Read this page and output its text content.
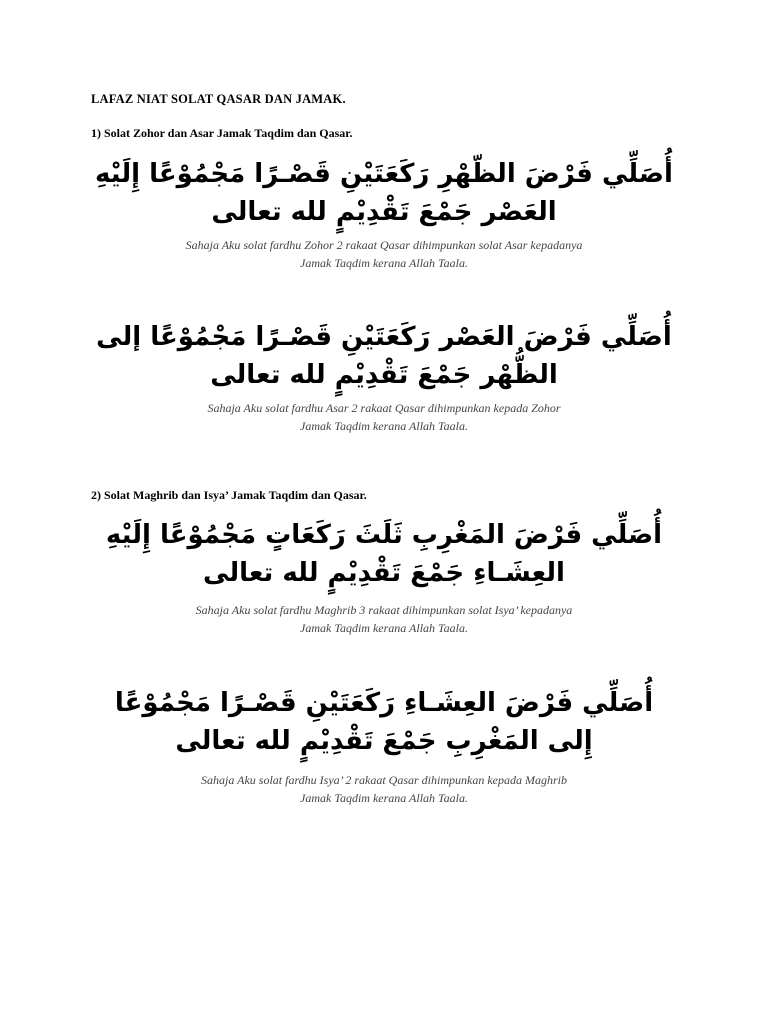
LAFAZ NIAT SOLAT QASAR DAN JAMAK.
1) Solat Zohor dan Asar Jamak Taqdim dan Qasar.
أُصَلِّي فَرْضَ الظّهْرِ رَكَعَتَيْنِ قَصْـرًا مَجْمُوْعًا إِلَيْهِ
العَصْر جَمْعَ تَقْدِيْمٍ لله تعالى
Sahaja Aku solat fardhu Zohor 2 rakaat Qasar dihimpunkan solat Asar kepadanya
Jamak Taqdim kerana Allah Taala.
أُصَلِّي فَرْضَ العَصْر رَكَعَتَيْنِ قَصْـرًا مَجْمُوْعًا إلى
الظُّهْر جَمْعَ تَقْدِيْمٍ لله تعالى
Sahaja Aku solat fardhu Asar 2 rakaat Qasar dihimpunkan kepada Zohor
Jamak Taqdim kerana Allah Taala.
2) Solat Maghrib dan Isya’ Jamak Taqdim dan Qasar.
أُصَلِّي فَرْضَ المَغْرِبِ ثَلَثَ رَكَعَاتٍ مَجْمُوْعًا إِلَيْهِ
العِشَـاءِ جَمْعَ تَقْدِيْمٍ لله تعالى
Sahaja Aku solat fardhu Maghrib 3 rakaat dihimpunkan solat Isya’ kepadanya
Jamak Taqdim kerana Allah Taala.
أُصَلِّي فَرْضَ العِشَـاءِ رَكَعَتَيْنِ قَصْـرًا مَجْمُوْعًا
إِلى المَغْرِبِ جَمْعَ تَقْدِيْمٍ لله تعالى
Sahaja Aku solat fardhu Isya’ 2 rakaat Qasar dihimpunkan kepada Maghrib
Jamak Taqdim kerana Allah Taala.
